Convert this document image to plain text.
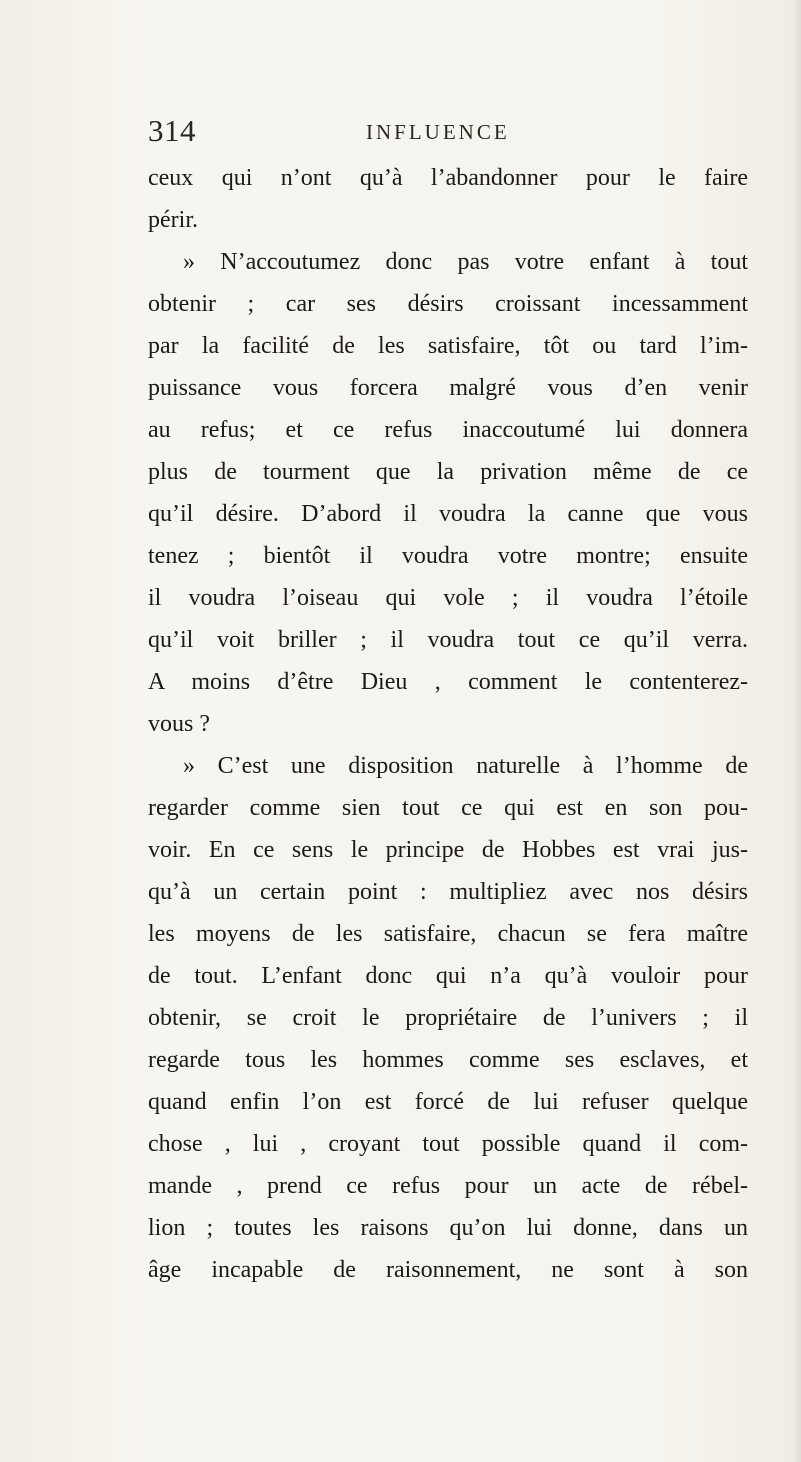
314	INFLUENCE
ceux qui n’ont qu’à l’abandonner pour le faire
périr.
» N’accoutumez donc pas votre enfant à tout
obtenir ; car ses désirs croissant incessamment
par la facilité de les satisfaire, tôt ou tard l’im-
puissance vous forcera malgré vous d’en venir
au refus; et ce refus inaccoutumé lui donnera
plus de tourment que la privation même de ce
qu’il désire. D’abord il voudra la canne que vous
tenez ; bientôt il voudra votre montre; ensuite
il voudra l’oiseau qui vole ; il voudra l’étoile
qu’il voit briller ; il voudra tout ce qu’il verra.
A moins d’être Dieu , comment le contenterez-
vous ?
» C’est une disposition naturelle à l’homme de
regarder comme sien tout ce qui est en son pou-
voir. En ce sens le principe de Hobbes est vrai jus-
qu’à un certain point : multipliez avec nos désirs
les moyens de les satisfaire, chacun se fera maître
de tout. L’enfant donc qui n’a qu’à vouloir pour
obtenir, se croit le propriétaire de l’univers ; il
regarde tous les hommes comme ses esclaves, et
quand enfin l’on est forcé de lui refuser quelque
chose , lui , croyant tout possible quand il com-
mande , prend ce refus pour un acte de rébel-
lion ; toutes les raisons qu’on lui donne, dans un
âge incapable de raisonnement, ne sont à son
